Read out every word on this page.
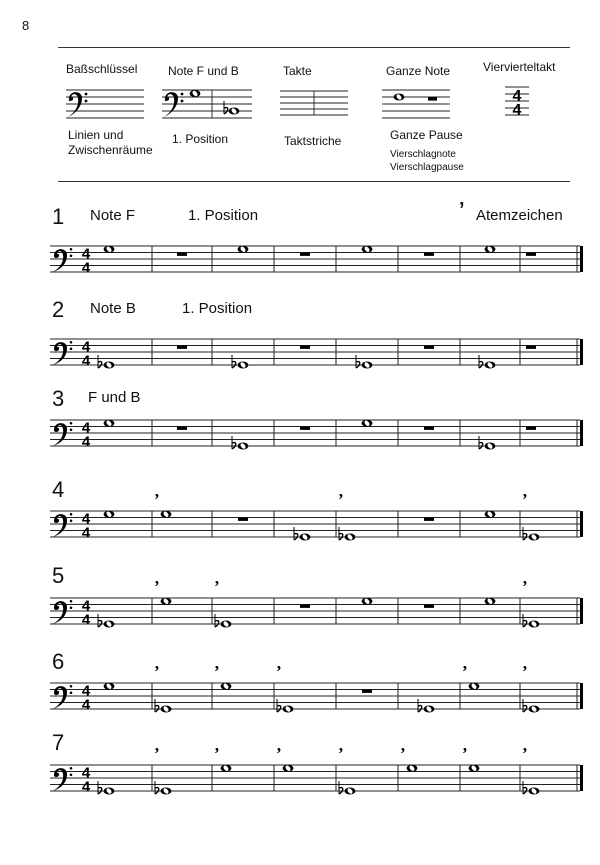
8
Baßschlüssel
Linien und
Zwischenräume
Note F und B
1. Position
Takte
Taktstriche
Ganze Note
Ganze Pause
Vierschlagnote
Vierschlagpause
Viervierteltakt
4
4
1 Note F	1. Position	’ Atemzeichen
4
4
2 Note B	1. Position
4
4
3 F und B
4
4
4
4
4
’	’	’
5
4
4
’	’	’
6
4
4
’	’	’	’	’
7
4
4
’	’	’	’	’	’	’
